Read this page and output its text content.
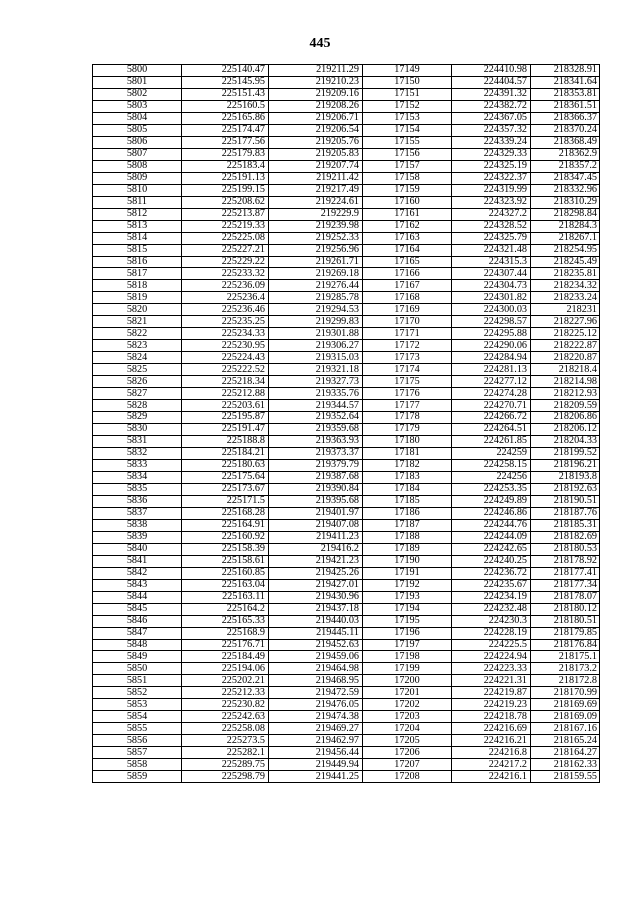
445
5800	225140.47	219211.29	17149	224410.98	218328.91
5801	225145.95	219210.23	17150	224404.57	218341.64
5802	225151.43	219209.16	17151	224391.32	218353.81
5803	225160.5	219208.26	17152	224382.72	218361.51
5804	225165.86	219206.71	17153	224367.05	218366.37
5805	225174.47	219206.54	17154	224357.32	218370.24
5806	225177.56	219205.76	17155	224339.24	218368.49
5807	225179.83	219205.83	17156	224329.33	218362.9
5808	225183.4	219207.74	17157	224325.19	218357.2
5809	225191.13	219211.42	17158	224322.37	218347.45
5810	225199.15	219217.49	17159	224319.99	218332.96
5811	225208.62	219224.61	17160	224323.92	218310.29
5812	225213.87	219229.9	17161	224327.2	218298.84
5813	225219.33	219239.98	17162	224328.52	218284.3
5814	225225.08	219252.33	17163	224325.79	218267.1
5815	225227.21	219256.96	17164	224321.48	218254.95
5816	225229.22	219261.71	17165	224315.3	218245.49
5817	225233.32	219269.18	17166	224307.44	218235.81
5818	225236.09	219276.44	17167	224304.73	218234.32
5819	225236.4	219285.78	17168	224301.82	218233.24
5820	225236.46	219294.53	17169	224300.03	218231
5821	225235.25	219299.83	17170	224298.57	218227.96
5822	225234.33	219301.88	17171	224295.88	218225.12
5823	225230.95	219306.27	17172	224290.06	218222.87
5824	225224.43	219315.03	17173	224284.94	218220.87
5825	225222.52	219321.18	17174	224281.13	218218.4
5826	225218.34	219327.73	17175	224277.12	218214.98
5827	225212.88	219335.76	17176	224274.28	218212.93
5828	225203.61	219344.57	17177	224270.71	218209.59
5829	225195.87	219352.64	17178	224266.72	218206.86
5830	225191.47	219359.68	17179	224264.51	218206.12
5831	225188.8	219363.93	17180	224261.85	218204.33
5832	225184.21	219373.37	17181	224259	218199.52
5833	225180.63	219379.79	17182	224258.15	218196.21
5834	225175.64	219387.68	17183	224256	218193.8
5835	225173.67	219390.84	17184	224253.35	218192.63
5836	225171.5	219395.68	17185	224249.89	218190.51
5837	225168.28	219401.97	17186	224246.86	218187.76
5838	225164.91	219407.08	17187	224244.76	218185.31
5839	225160.92	219411.23	17188	224244.09	218182.69
5840	225158.39	219416.2	17189	224242.65	218180.53
5841	225158.61	219421.23	17190	224240.25	218178.92
5842	225160.85	219425.26	17191	224236.72	218177.41
5843	225163.04	219427.01	17192	224235.67	218177.34
5844	225163.11	219430.96	17193	224234.19	218178.07
5845	225164.2	219437.18	17194	224232.48	218180.12
5846	225165.33	219440.03	17195	224230.3	218180.51
5847	225168.9	219445.11	17196	224228.19	218179.85
5848	225176.71	219452.63	17197	224225.5	218176.84
5849	225184.49	219459.06	17198	224224.94	218175.1
5850	225194.06	219464.98	17199	224223.33	218173.2
5851	225202.21	219468.95	17200	224221.31	218172.8
5852	225212.33	219472.59	17201	224219.87	218170.99
5853	225230.82	219476.05	17202	224219.23	218169.69
5854	225242.63	219474.38	17203	224218.78	218169.09
5855	225258.08	219469.27	17204	224216.69	218167.16
5856	225273.5	219462.97	17205	224216.21	218165.24
5857	225282.1	219456.44	17206	224216.8	218164.27
5858	225289.75	219449.94	17207	224217.2	218162.33
5859	225298.79	219441.25	17208	224216.1	218159.55
